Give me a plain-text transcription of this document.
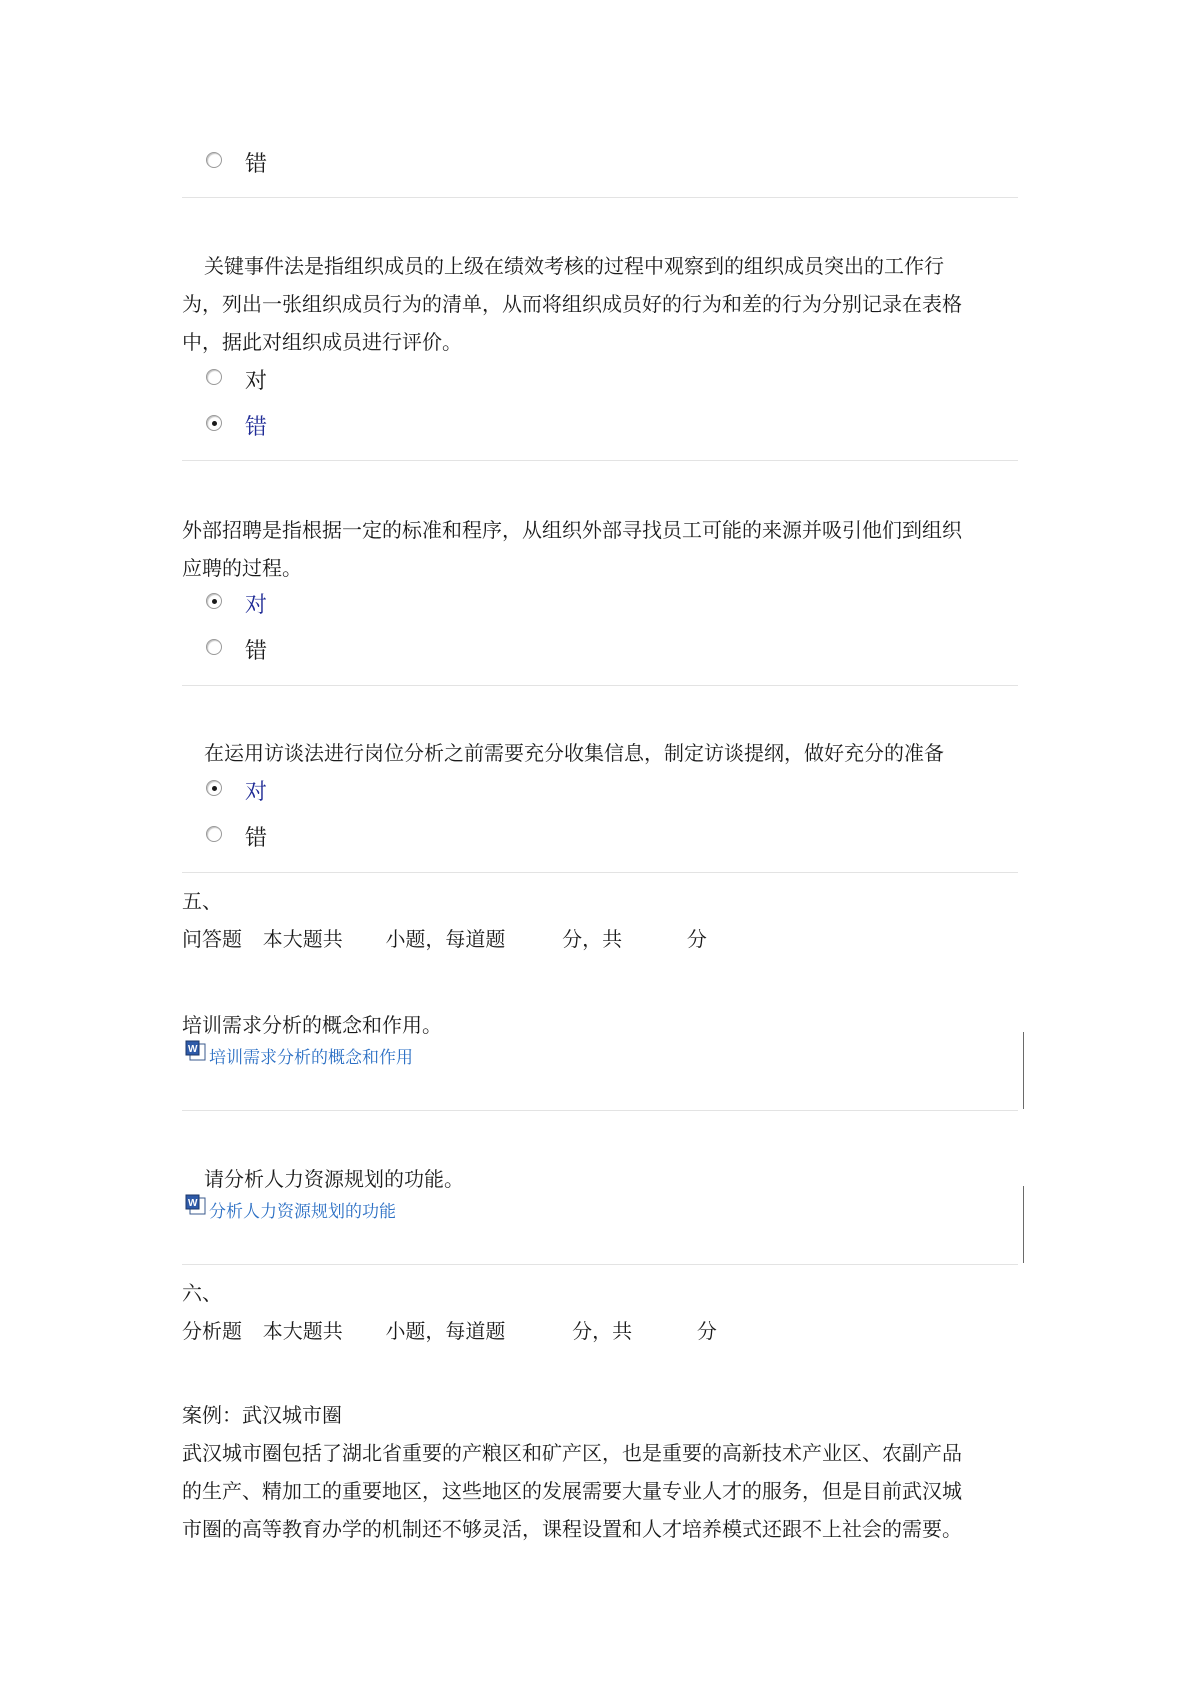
错
关键事件法是指组织成员的上级在绩效考核的过程中观察到的组织成员突出的工作行
为，列出一张组织成员行为的清单，从而将组织成员好的行为和差的行为分别记录在表格
中，据此对组织成员进行评价。
对
错
外部招聘是指根据一定的标准和程序，从组织外部寻找员工可能的来源并吸引他们到组织
应聘的过程。
对
错
在运用访谈法进行岗位分析之前需要充分收集信息，制定访谈提纲，做好充分的准备
对
错
五、
问答题 本大题共 小题，每道题	分，共	分
培训需求分析的概念和作用。
W 培训需求分析的概念和作用
请分析人力资源规划的功能。
W 分析人力资源规划的功能
六、
分析题 本大题共 小题，每道题	分，共	分
案例：武汉城市圈
武汉城市圈包括了湖北省重要的产粮区和矿产区，也是重要的高新技术产业区、农副产品
的生产、精加工的重要地区，这些地区的发展需要大量专业人才的服务，但是目前武汉城
市圈的高等教育办学的机制还不够灵活，课程设置和人才培养模式还跟不上社会的需要。
